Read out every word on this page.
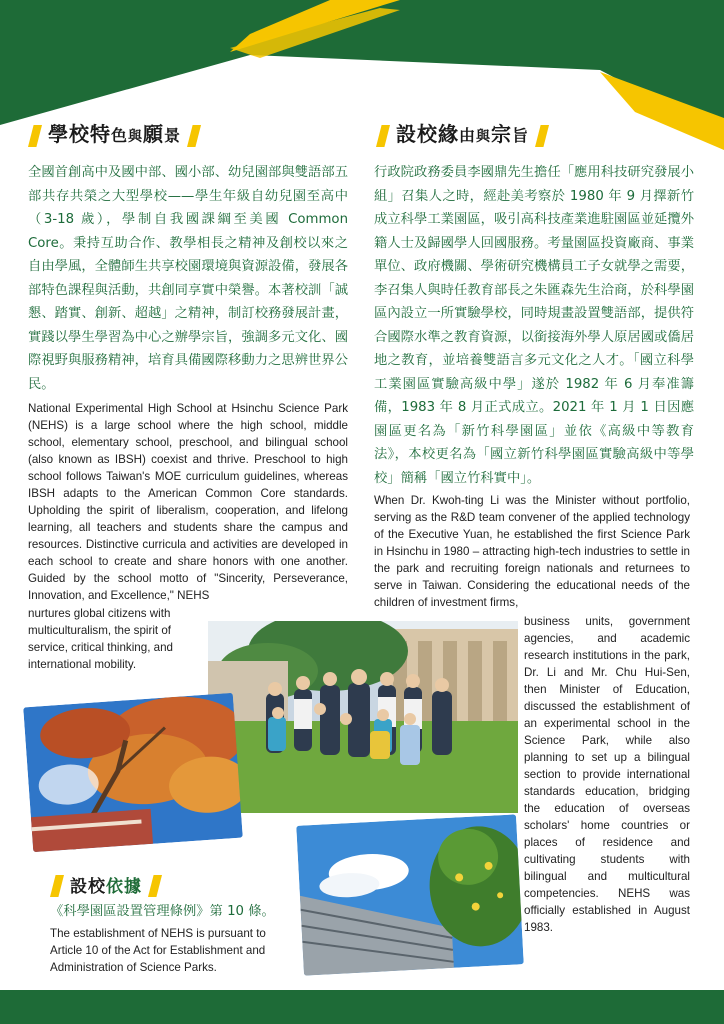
學校特色與願景	設校緣由與宗旨
全國首創高中及國中部、國小部、幼兒園部與雙語部五部共存共榮之大型學校——學生年級自幼兒園至高中（3-18 歲），學制自我國課綱至美國 Common Core。秉持互助合作、教學相長之精神及創校以來之自由學風，全體師生共享校園環境與資源設備，發展各部特色課程與活動，共創同享實中榮譽。本著校訓「誠懇、踏實、創新、超越」之精神，制訂校務發展計畫，實踐以學生學習為中心之辦學宗旨，強調多元文化、國際視野與服務精神，培育具備國際移動力之思辨世界公民。
National Experimental High School at Hsinchu Science Park (NEHS) is a large school where the high school, middle school, elementary school, preschool, and bilingual school (also known as IBSH) coexist and thrive. Preschool to high school follows Taiwan's MOE curriculum guidelines, whereas IBSH adapts to the American Common Core standards. Upholding the spirit of liberalism, cooperation, and lifelong learning, all teachers and students share the campus and resources. Distinctive curricula and activities are developed in each school to create and share honors with one another. Guided by the school motto of "Sincerity, Perseverance, Innovation, and Excellence," NEHS
nurtures global citizens with multiculturalism, the spirit of service, critical thinking, and international mobility.
行政院政務委員李國鼎先生擔任「應用科技研究發展小組」召集人之時，經赴美考察於 1980 年 9 月擇新竹成立科學工業園區，吸引高科技產業進駐園區並延攬外籍人士及歸國學人回國服務。考量園區投資廠商、事業單位、政府機關、學術研究機構員工子女就學之需要，李召集人與時任教育部長之朱匯森先生洽商，於科學園區內設立一所實驗學校，同時規畫設置雙語部，提供符合國際水準之教育資源，以銜接海外學人原居國或僑居地之教育，並培養雙語言多元文化之人才。「國立科學工業園區實驗高級中學」遂於 1982 年 6 月奉准籌備，1983 年 8 月正式成立。2021 年 1 月 1 日因應園區更名為「新竹科學園區」並依《高級中等教育法》，本校更名為「國立新竹科學園區實驗高級中等學校」簡稱「國立竹科實中」。
When Dr. Kwoh-ting Li was the Minister without portfolio, serving as the R&D team convener of the applied technology of the Executive Yuan, he established the first Science Park in Hsinchu in 1980 – attracting high-tech industries to settle in the park and recruiting foreign nationals and returnees to serve in Taiwan. Considering the educational needs of the children of investment firms,
business units, government agencies, and academic research institutions in the park, Dr. Li and Mr. Chu Hui-Sen, then Minister of Education, discussed the establishment of an experimental school in the Science Park, while also planning to set up a bilingual section to provide international standards education, bridging the education of overseas scholars' home countries or places of residence and cultivating students with bilingual and multicultural competencies. NEHS was officially established in August 1983.
設校依據
《科學園區設置管理條例》第 10 條。
The establishment of NEHS is pursuant to Article 10 of the Act for Establishment and Administration of Science Parks.
